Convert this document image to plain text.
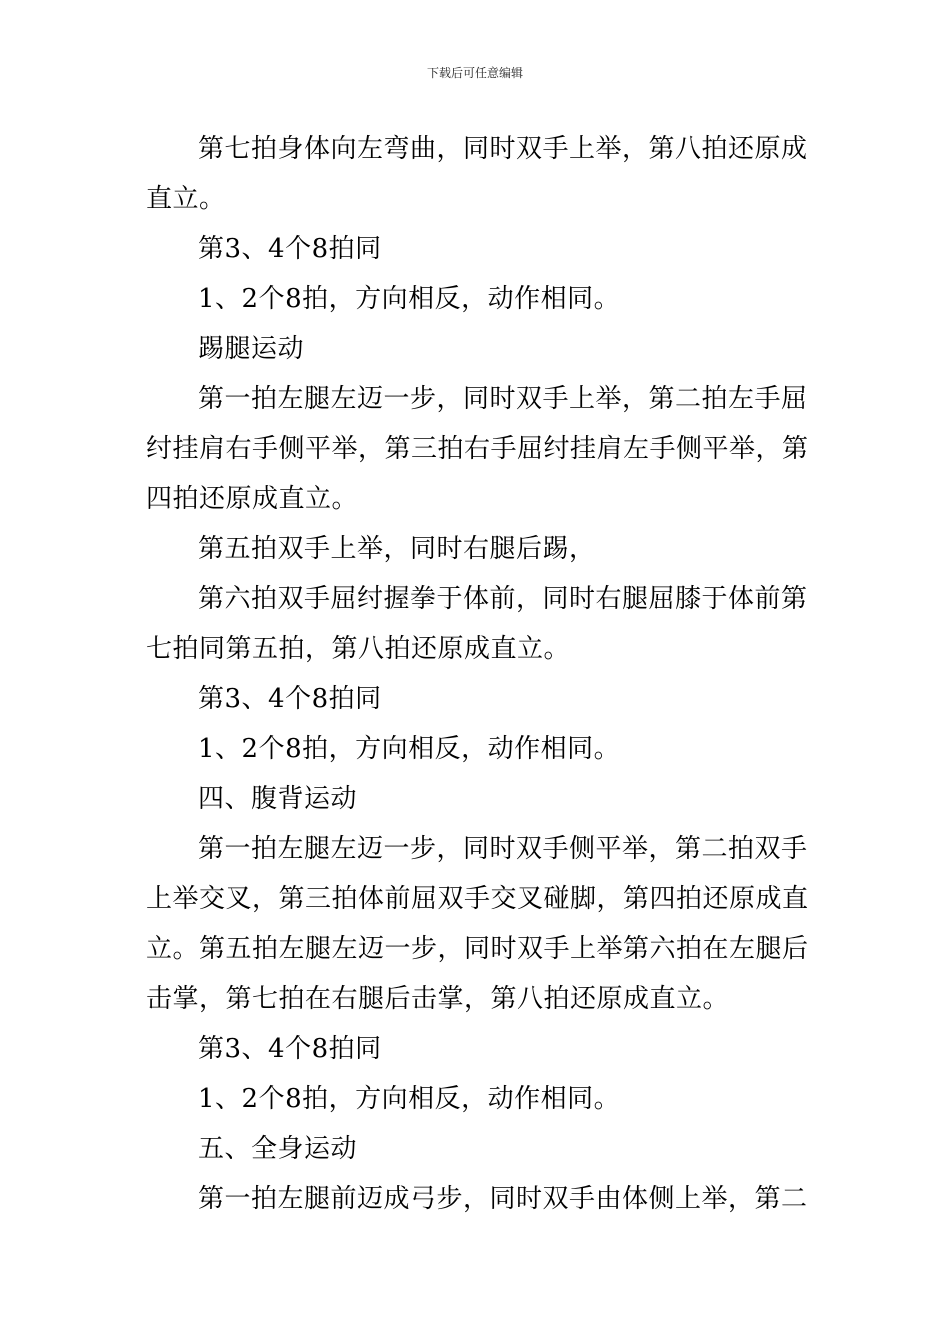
下载后可任意编辑

第七拍身体向左弯曲，同时双手上举，第八拍还原成直立。

第3、4个8拍同

1、2个8拍，方向相反，动作相同。

踢腿运动

第一拍左腿左迈一步，同时双手上举，第二拍左手屈纣挂肩右手侧平举，第三拍右手屈纣挂肩左手侧平举，第四拍还原成直立。

第五拍双手上举，同时右腿后踢，

第六拍双手屈纣握拳于体前，同时右腿屈膝于体前第七拍同第五拍，第八拍还原成直立。

第3、4个8拍同

1、2个8拍，方向相反，动作相同。

四、腹背运动

第一拍左腿左迈一步，同时双手侧平举，第二拍双手上举交叉，第三拍体前屈双手交叉碰脚，第四拍还原成直立。第五拍左腿左迈一步，同时双手上举第六拍在左腿后击掌，第七拍在右腿后击掌，第八拍还原成直立。

第3、4个8拍同

1、2个8拍，方向相反，动作相同。

五、全身运动

第一拍左腿前迈成弓步，同时双手由体侧上举，第二
